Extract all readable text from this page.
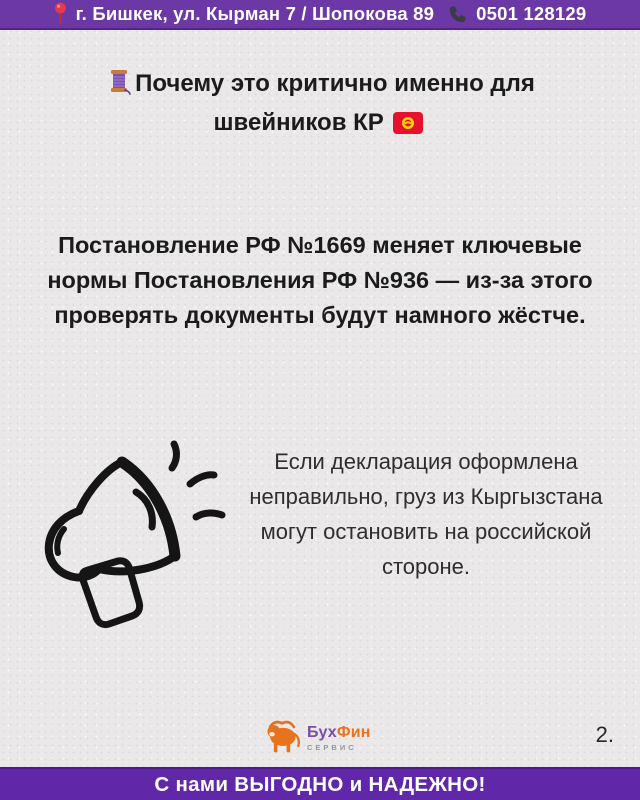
г. Бишкек, ул. Кырман 7 / Шопокова 89 0501 128129
Почему это критично именно для швейников КР
Постановление РФ №1669 меняет ключевые нормы Постановления РФ №936 — из-за этого проверять документы будут намного жёстче.
Если декларация оформлена неправильно, груз из Кыргызстана могут остановить на российской стороне.
БухФин
СЕРВИС
2.
С нами ВЫГОДНО и НАДЕЖНО!
